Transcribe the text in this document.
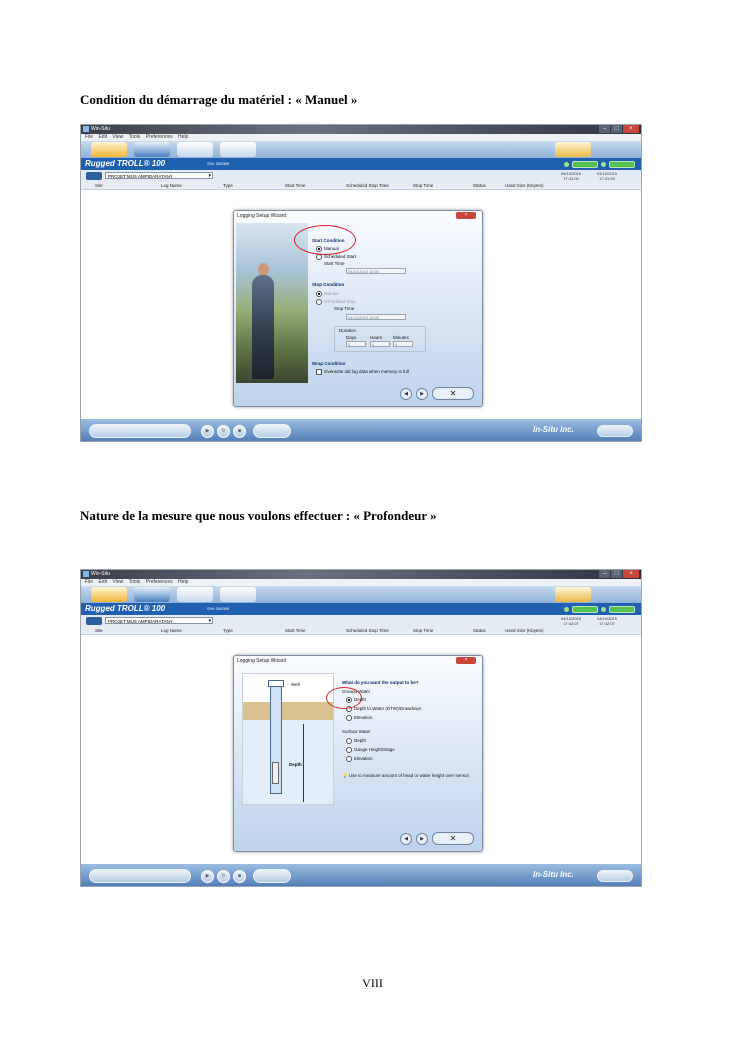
Condition du démarrage du matériel : « Manuel »
Win-Situ	–	□	×
File Edit View Tools Preferences Help
Rugged TROLL® 100	S/N: 306399
PROJET MUS AMPIDARATANY ▾
04/10/2015
17:41:00
04/10/2015
17:41:09
Site	Log Name	Type	Start Time	Scheduled Stop Time	Stop Time	Status	Used Size (Kbytes)
Logging Setup Wizard	×
Start Condition
Manual
Scheduled Start
Start Time
04/16/2015 18:00
Stop Condition
Manual
Scheduled Stop
Stop Time
04/16/2015 18:00
Duration
Days	Hours Minutes
0	0	0
Wrap Condition
Overwrite old log data when memory is full
◀	▶	✕
▶	↻	■	In-Situ Inc.
Nature de la mesure que nous voulons effectuer : « Profondeur »
Win-Situ	–	□	×
File Edit View Tools Preferences Help
Rugged TROLL® 100	S/N: 306399
PROJET MUS AMPIDARATANY ▾
04/10/2015
17:42:07
04/10/2015
17:42:07
Site	Log Name	Type	Start Time	Scheduled Stop Time	Stop Time	Status	Used Size (Kbytes)
Logging Setup Wizard	×
Well
Depth
What do you want the output to be?
Ground Water
Depth
Depth to Water (DTW)/Drawdown
Elevation
Surface Water
Depth
Gauge Height/Stage
Elevation
💡 Use to measure amount of head or water height over sensor.
◀	▶	✕
▶	↻	■	In-Situ Inc.
VIII
